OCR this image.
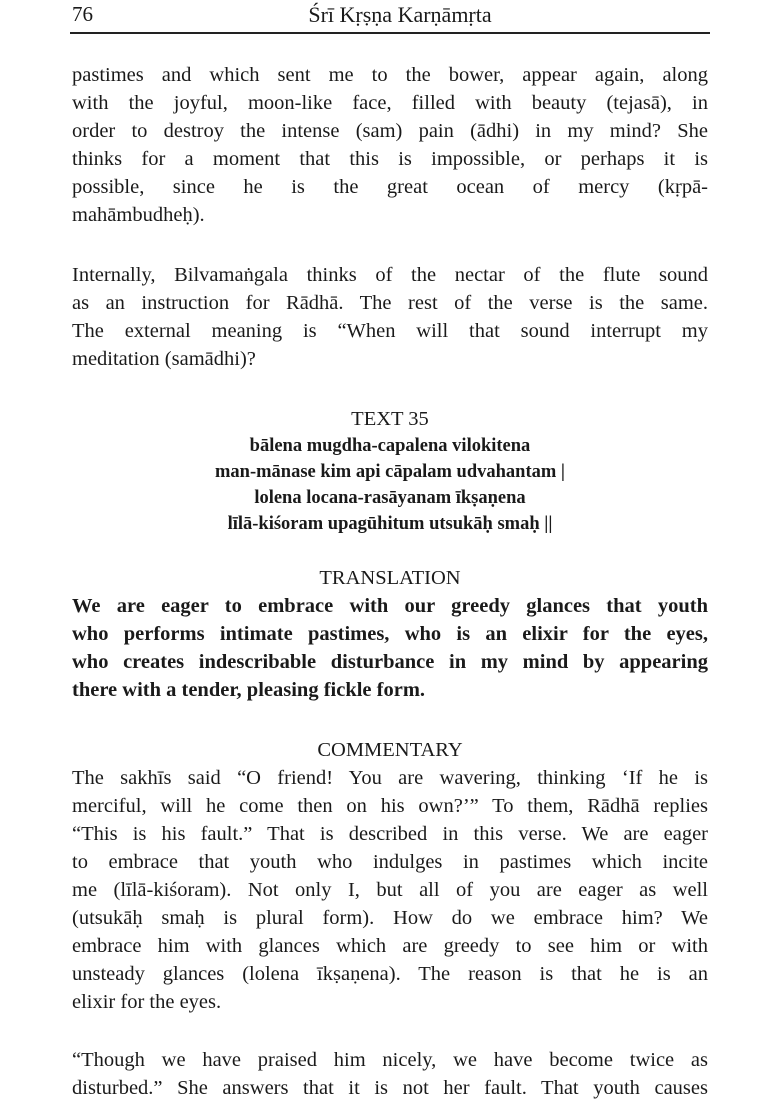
76	Śrī Kṛṣṇa Karṇāmṛta
pastimes and which sent me to the bower, appear again, along
with the joyful, moon-like face, filled with beauty (tejasā), in
order to destroy the intense (sam) pain (ādhi) in my mind? She
thinks for a moment that this is impossible, or perhaps it is
possible, since he is the great ocean of mercy (kṛpā-
mahāmbudheḥ).
Internally, Bilvamaṅgala thinks of the nectar of the flute sound
as an instruction for Rādhā. The rest of the verse is the same.
The external meaning is “When will that sound interrupt my
meditation (samādhi)?
TEXT 35
bālena mugdha-capalena vilokitena
man-mānase kim api cāpalam udvahantam |
lolena locana-rasāyanam īkṣaṇena
līlā-kiśoram upagūhitum utsukāḥ smaḥ ||
TRANSLATION
We are eager to embrace with our greedy glances that youth
who performs intimate pastimes, who is an elixir for the eyes,
who creates indescribable disturbance in my mind by appearing
there with a tender, pleasing fickle form.
COMMENTARY
The sakhīs said “O friend! You are wavering, thinking ‘If he is
merciful, will he come then on his own?’” To them, Rādhā replies
“This is his fault.” That is described in this verse. We are eager
to embrace that youth who indulges in pastimes which incite
me (līlā-kiśoram). Not only I, but all of you are eager as well
(utsukāḥ smaḥ is plural form). How do we embrace him? We
embrace him with glances which are greedy to see him or with
unsteady glances (lolena īkṣaṇena). The reason is that he is an
elixir for the eyes.
“Though we have praised him nicely, we have become twice as
disturbed.” She answers that it is not her fault. That youth causes
